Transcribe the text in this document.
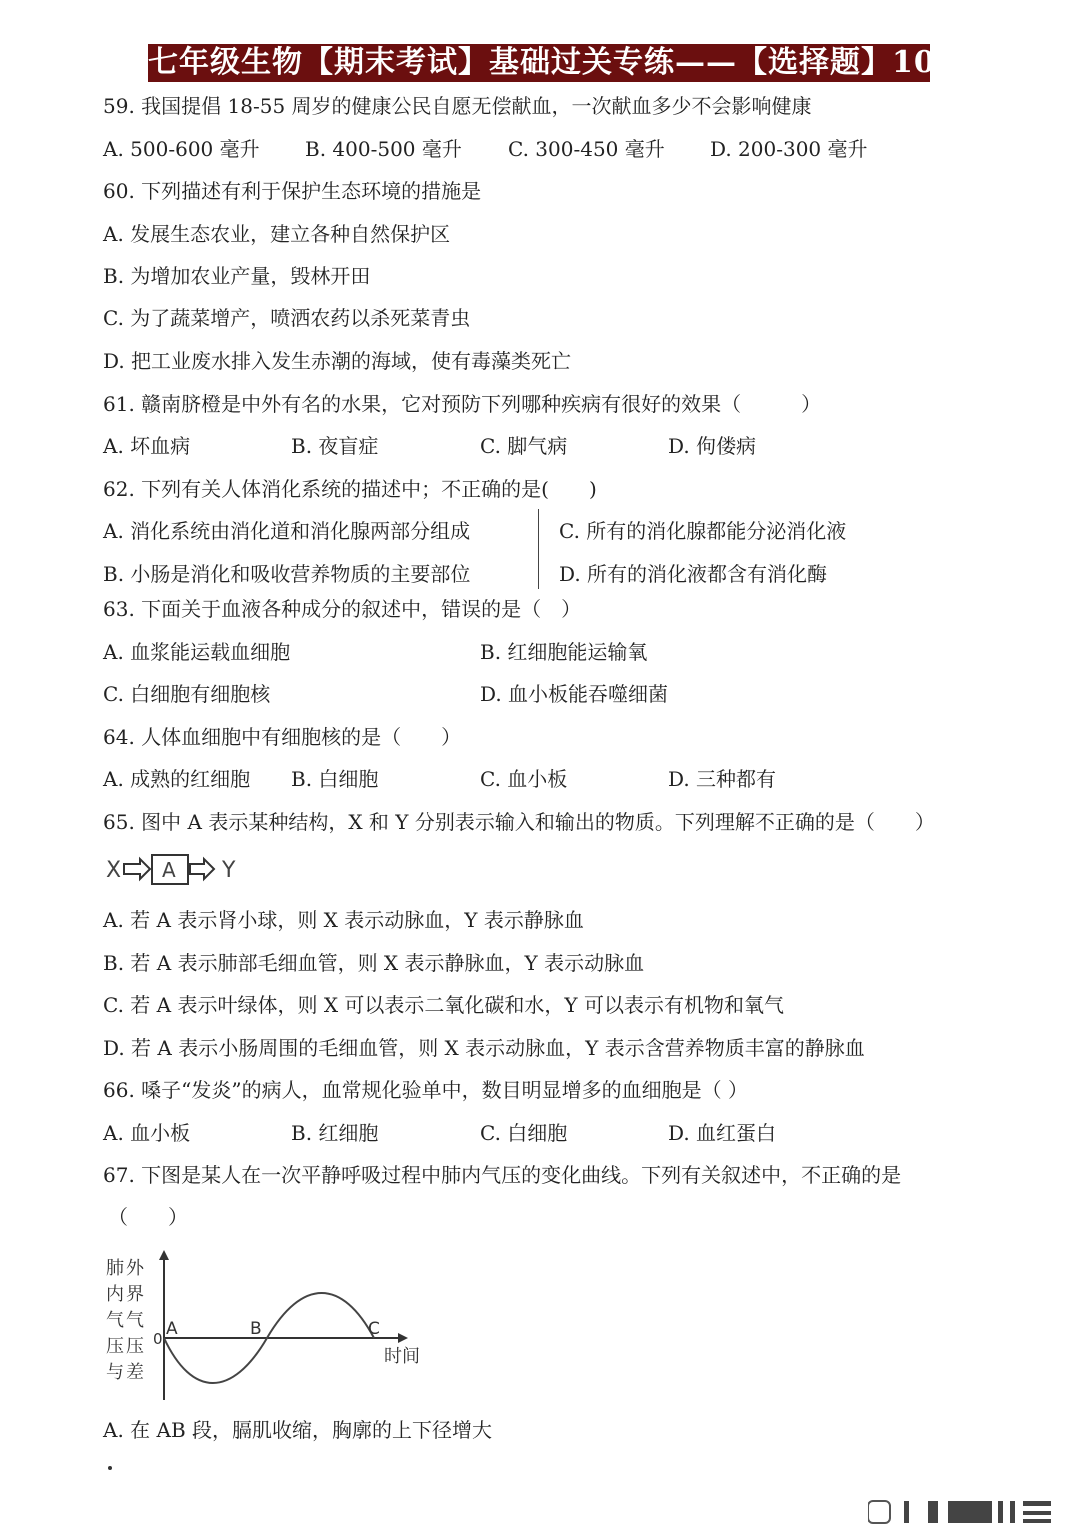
七年级生物【期末考试】基础过关专练——【选择题】100 题
59. 我国提倡 18-55 周岁的健康公民自愿无偿献血，一次献血多少不会影响健康
A. 500-600 毫升 B. 400-500 毫升 C. 300-450 毫升 D. 200-300 毫升
60. 下列描述有利于保护生态环境的措施是
A. 发展生态农业，建立各种自然保护区
B. 为增加农业产量，毁林开田
C. 为了蔬菜增产，喷洒农药以杀死菜青虫
D. 把工业废水排入发生赤潮的海域，使有毒藻类死亡
61. 赣南脐橙是中外有名的水果，它对预防下列哪种疾病有很好的效果（　　　）
A. 坏血病	B. 夜盲症	C. 脚气病	D. 佝偻病
62. 下列有关人体消化系统的描述中；不正确的是(　　)
A. 消化系统由消化道和消化腺两部分组成	C. 所有的消化腺都能分泌消化液
B. 小肠是消化和吸收营养物质的主要部位	D. 所有的消化液都含有消化酶
63. 下面关于血液各种成分的叙述中，错误的是（　）
A. 血浆能运载血细胞	B. 红细胞能运输氧
C. 白细胞有细胞核	D. 血小板能吞噬细菌
64. 人体血细胞中有细胞核的是（　　）
A. 成熟的红细胞 B. 白细胞	C. 血小板	D. 三种都有
65. 图中 A 表示某种结构，X 和 Y 分别表示输入和输出的物质。下列理解不正确的是（　　）
X A Y
A. 若 A 表示肾小球，则 X 表示动脉血，Y 表示静脉血
B. 若 A 表示肺部毛细血管，则 X 表示静脉血，Y 表示动脉血
C. 若 A 表示叶绿体，则 X 可以表示二氧化碳和水，Y 可以表示有机物和氧气
D. 若 A 表示小肠周围的毛细血管，则 X 表示动脉血，Y 表示含营养物质丰富的静脉血
66. 嗓子“发炎”的病人，血常规化验单中，数目明显增多的血细胞是（ ）
A. 血小板	B. 红细胞	C. 白细胞	D. 血红蛋白
67. 下图是某人在一次平静呼吸过程中肺内气压的变化曲线。下列有关叙述中，不正确的是
（　　）
肺
内
气
压
与
外
界
气
压
差
0
时间
A	B	C
A. 在 AB 段，膈肌收缩，胸廓的上下径增大
